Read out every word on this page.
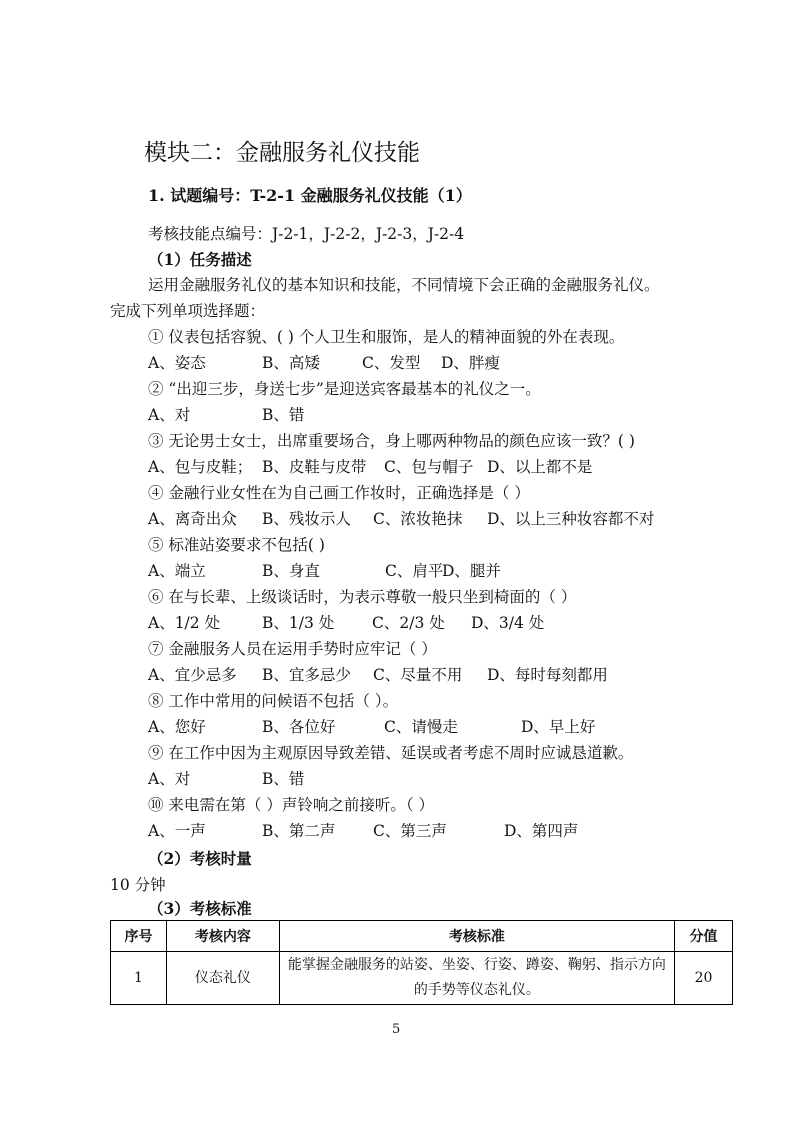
模块二：金融服务礼仪技能
1. 试题编号：T-2-1 金融服务礼仪技能（1）
考核技能点编号：J-2-1，J-2-2，J-2-3，J-2-4
（1）任务描述
运用金融服务礼仪的基本知识和技能，不同情境下会正确的金融服务礼仪。
完成下列单项选择题：
① 仪表包括容貌、( ) 个人卫生和服饰，是人的精神面貌的外在表现。
A、姿态	B、高矮	C、发型 D、胖瘦
② “出迎三步，身送七步”是迎送宾客最基本的礼仪之一。
A、对	B、错
③ 无论男士女士，出席重要场合，身上哪两种物品的颜色应该一致？( )
A、包与皮鞋； B、皮鞋与皮带 C、包与帽子 D、以上都不是
④ 金融行业女性在为自己画工作妆时，正确选择是（ ）
A、离奇出众 B、残妆示人 C、浓妆艳抹 D、以上三种妆容都不对
⑤ 标准站姿要求不包括( )
A、端立	B、身直	C、肩平
D、腿并
⑥ 在与长辈、上级谈话时，为表示尊敬一般只坐到椅面的（ ）
A、1/2 处	B、1/3 处 C、2/3 处 D、3/4 处
⑦ 金融服务人员在运用手势时应牢记（ ）
A、宜少忌多 B、宜多忌少 C、尽量不用 D、每时每刻都用
⑧ 工作中常用的问候语不包括（ ）。
A、您好	B、各位好	C、请慢走	D、早上好
⑨ 在工作中因为主观原因导致差错、延误或者考虑不周时应诚恳道歉。
A、对	B、错
⑩ 来电需在第（ ）声铃响之前接听。（ ）
A、一声	B、第二声 C、第三声	D、第四声
（2）考核时量
10 分钟
（3）考核标准
序号	考核内容	考核标准	分值
1	仪态礼仪	能掌握金融服务的站姿、坐姿、行姿、蹲姿、鞠躬、指示方向
的手势等仪态礼仪。	20
5
